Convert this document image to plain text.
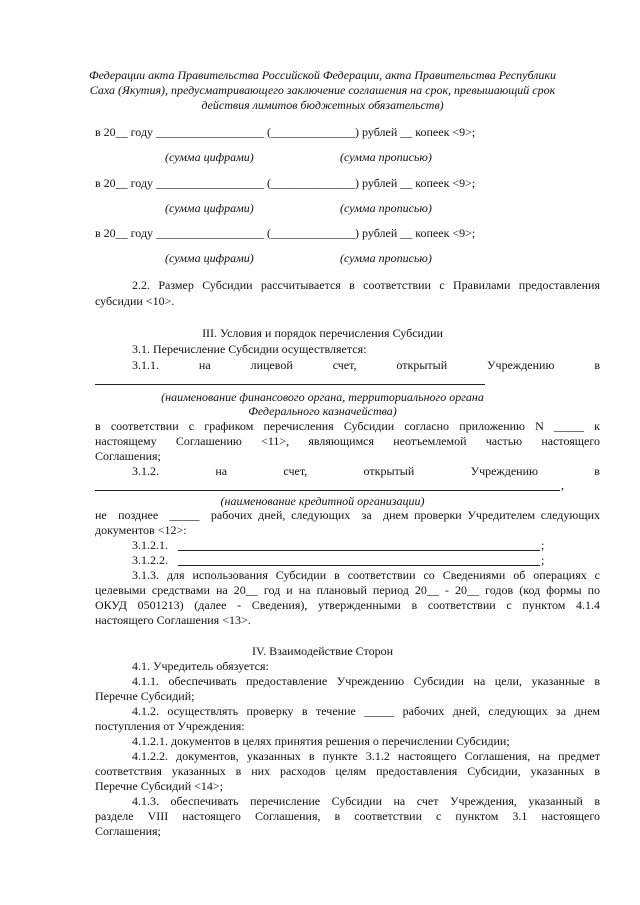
Федерации акта Правительства Российской Федерации, акта Правительства Республики
Саха (Якутия), предусматривающего заключение соглашения на срок, превышающий срок
действия лимитов бюджетных обязательств)
в 20__ году __________________ (______________) рублей __ копеек <9>;
(сумма цифрами)	(сумма прописью)
в 20__ году __________________ (______________) рублей __ копеек <9>;
(сумма цифрами)	(сумма прописью)
в 20__ году __________________ (______________) рублей __ копеек <9>;
(сумма цифрами)	(сумма прописью)
2.2. Размер Субсидии рассчитывается в соответствии с Правилами предоставления
субсидии <10>.
III. Условия и порядок перечисления Субсидии
3.1. Перечисление Субсидии осуществляется:
3.1.1.	на	лицевой	счет,	открытый	Учреждению	в
(наименование финансового органа, территориального органа
Федерального казначейства)
в  соответствии  с  графиком  перечисления  Субсидии  согласно  приложению  N  _____  к
настоящему   Соглашению   <11>,   являющимся   неотъемлемой   частью   настоящего
Соглашения;
3.1.2.	на	счет,	открытый	Учреждению	в
,
(наименование кредитной организации)
не  позднее  _____  рабочих дней, следующих  за  днем проверки Учредителем следующих
документов <12>:
3.1.2.1.	;
3.1.2.2.	;
3.1.3. для использования Субсидии в соответствии со Сведениями об операциях с
целевыми средствами на 20__ год и на плановый период 20__ - 20__ годов (код формы по
ОКУД  0501213)  (далее  -  Сведения),  утвержденными  в  соответствии  с  пунктом  4.1.4
настоящего Соглашения <13>.
IV. Взаимодействие Сторон
4.1. Учредитель обязуется:
4.1.1.  обеспечивать  предоставление  Учреждению  Субсидии  на  цели,  указанные  в
Перечне Субсидий;
4.1.2.  осуществлять  проверку  в  течение  _____  рабочих  дней,  следующих  за  днем
поступления от Учреждения:
4.1.2.1. документов в целях принятия решения о перечислении Субсидии;
4.1.2.2.  документов,  указанных  в  пункте  3.1.2  настоящего  Соглашения,  на  предмет
соответствия  указанных  в  них  расходов  целям  предоставления  Субсидии,  указанных  в
Перечне Субсидий <14>;
4.1.3.  обеспечивать  перечисление  Субсидии  на  счет  Учреждения,  указанный  в
разделе   VIII   настоящего   Соглашения,   в   соответствии   с   пунктом   3.1   настоящего
Соглашения;
